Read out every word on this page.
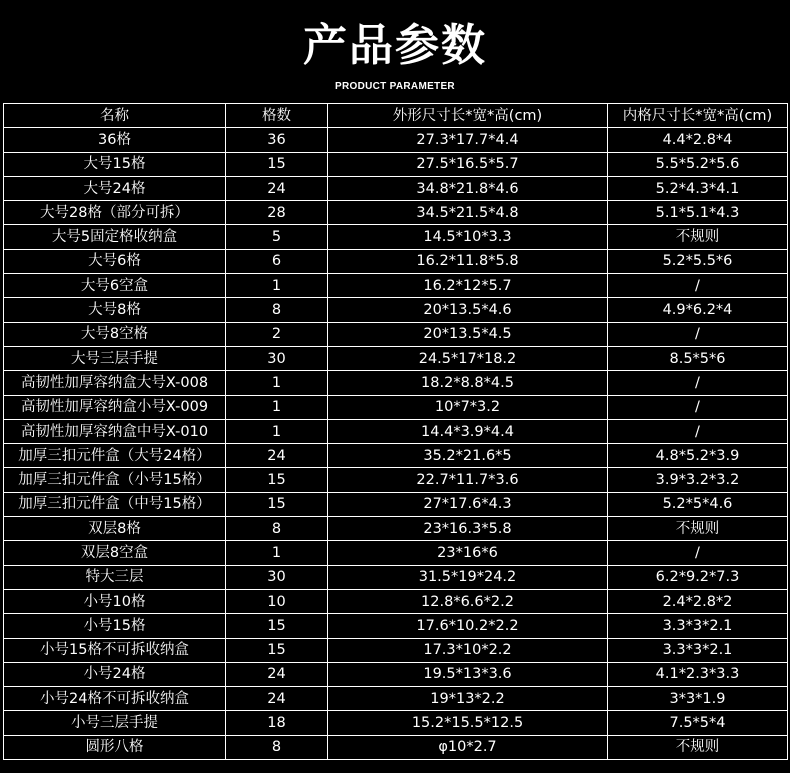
产品参数
PRODUCT PARAMETER
名称	格数	外形尺寸长*宽*高(cm)	内格尺寸长*宽*高(cm)
36格	36	27.3*17.7*4.4	4.4*2.8*4
大号15格	15	27.5*16.5*5.7	5.5*5.2*5.6
大号24格	24	34.8*21.8*4.6	5.2*4.3*4.1
大号28格（部分可拆）	28	34.5*21.5*4.8	5.1*5.1*4.3
大号5固定格收纳盒	5	14.5*10*3.3	不规则
大号6格	6	16.2*11.8*5.8	5.2*5.5*6
大号6空盒	1	16.2*12*5.7	/
大号8格	8	20*13.5*4.6	4.9*6.2*4
大号8空格	2	20*13.5*4.5	/
大号三层手提	30	24.5*17*18.2	8.5*5*6
高韧性加厚容纳盒大号X-008	1	18.2*8.8*4.5	/
高韧性加厚容纳盒小号X-009	1	10*7*3.2	/
高韧性加厚容纳盒中号X-010	1	14.4*3.9*4.4	/
加厚三扣元件盒（大号24格）	24	35.2*21.6*5	4.8*5.2*3.9
加厚三扣元件盒（小号15格）	15	22.7*11.7*3.6	3.9*3.2*3.2
加厚三扣元件盒（中号15格）	15	27*17.6*4.3	5.2*5*4.6
双层8格	8	23*16.3*5.8	不规则
双层8空盒	1	23*16*6	/
特大三层	30	31.5*19*24.2	6.2*9.2*7.3
小号10格	10	12.8*6.6*2.2	2.4*2.8*2
小号15格	15	17.6*10.2*2.2	3.3*3*2.1
小号15格不可拆收纳盒	15	17.3*10*2.2	3.3*3*2.1
小号24格	24	19.5*13*3.6	4.1*2.3*3.3
小号24格不可拆收纳盒	24	19*13*2.2	3*3*1.9
小号三层手提	18	15.2*15.5*12.5	7.5*5*4
圆形八格	8	φ10*2.7	不规则
